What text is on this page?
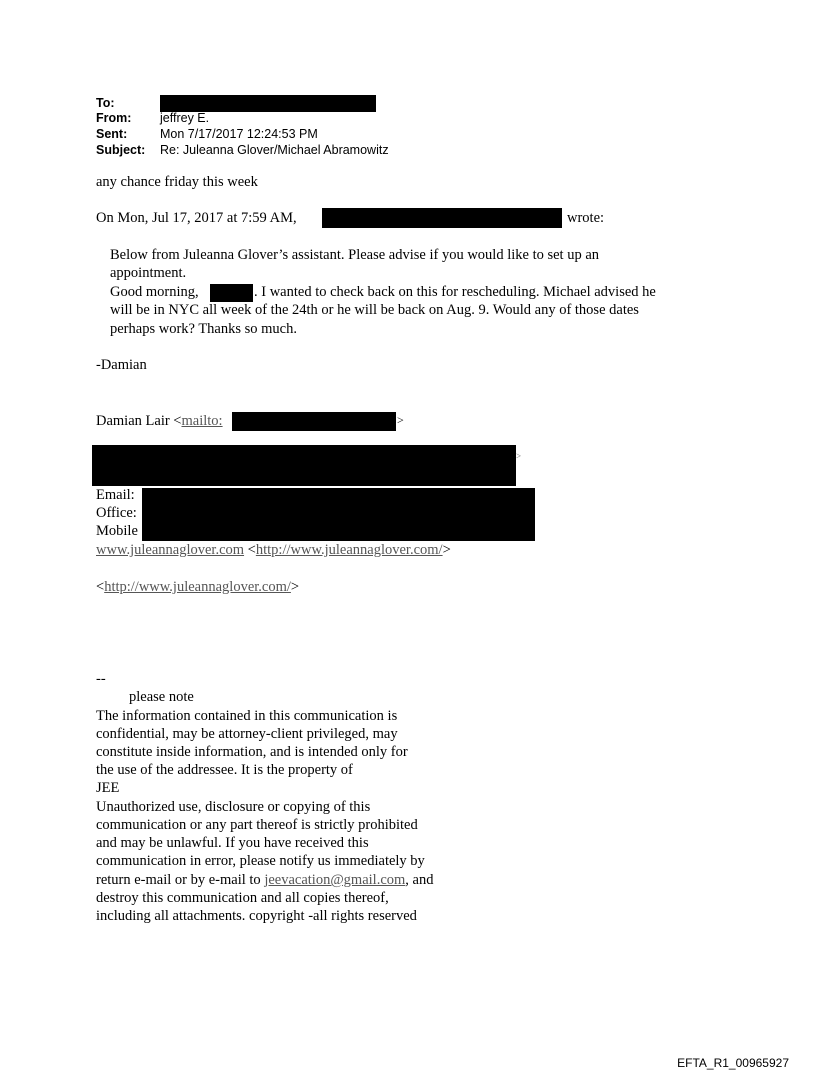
To:
From: jeffrey E.
Sent:	Mon 7/17/2017 12:24:53 PM
Subject: Re: Juleanna Glover/Michael Abramowitz
any chance friday this week
On Mon, Jul 17, 2017 at 7:59 AM,	wrote:
Below from Juleanna Glover’s assistant. Please advise if you would like to set up an
appointment.
Good morning,	. I wanted to check back on this for rescheduling. Michael advised he
will be in NYC all week of the 24th or he will be back on Aug. 9. Would any of those dates
perhaps work? Thanks so much.
-Damian
Damian Lair <mailto:	>
>
Email:
Office:
Mobile
www.juleannaglover.com <http://www.juleannaglover.com/>
<http://www.juleannaglover.com/>
--
please note
The information contained in this communication is
confidential, may be attorney-client privileged, may
constitute inside information, and is intended only for
the use of the addressee. It is the property of
JEE
Unauthorized use, disclosure or copying of this
communication or any part thereof is strictly prohibited
and may be unlawful. If you have received this
communication in error, please notify us immediately by
return e-mail or by e-mail to jeevacation@gmail.com, and
destroy this communication and all copies thereof,
including all attachments. copyright -all rights reserved
EFTA_R1_00965927
